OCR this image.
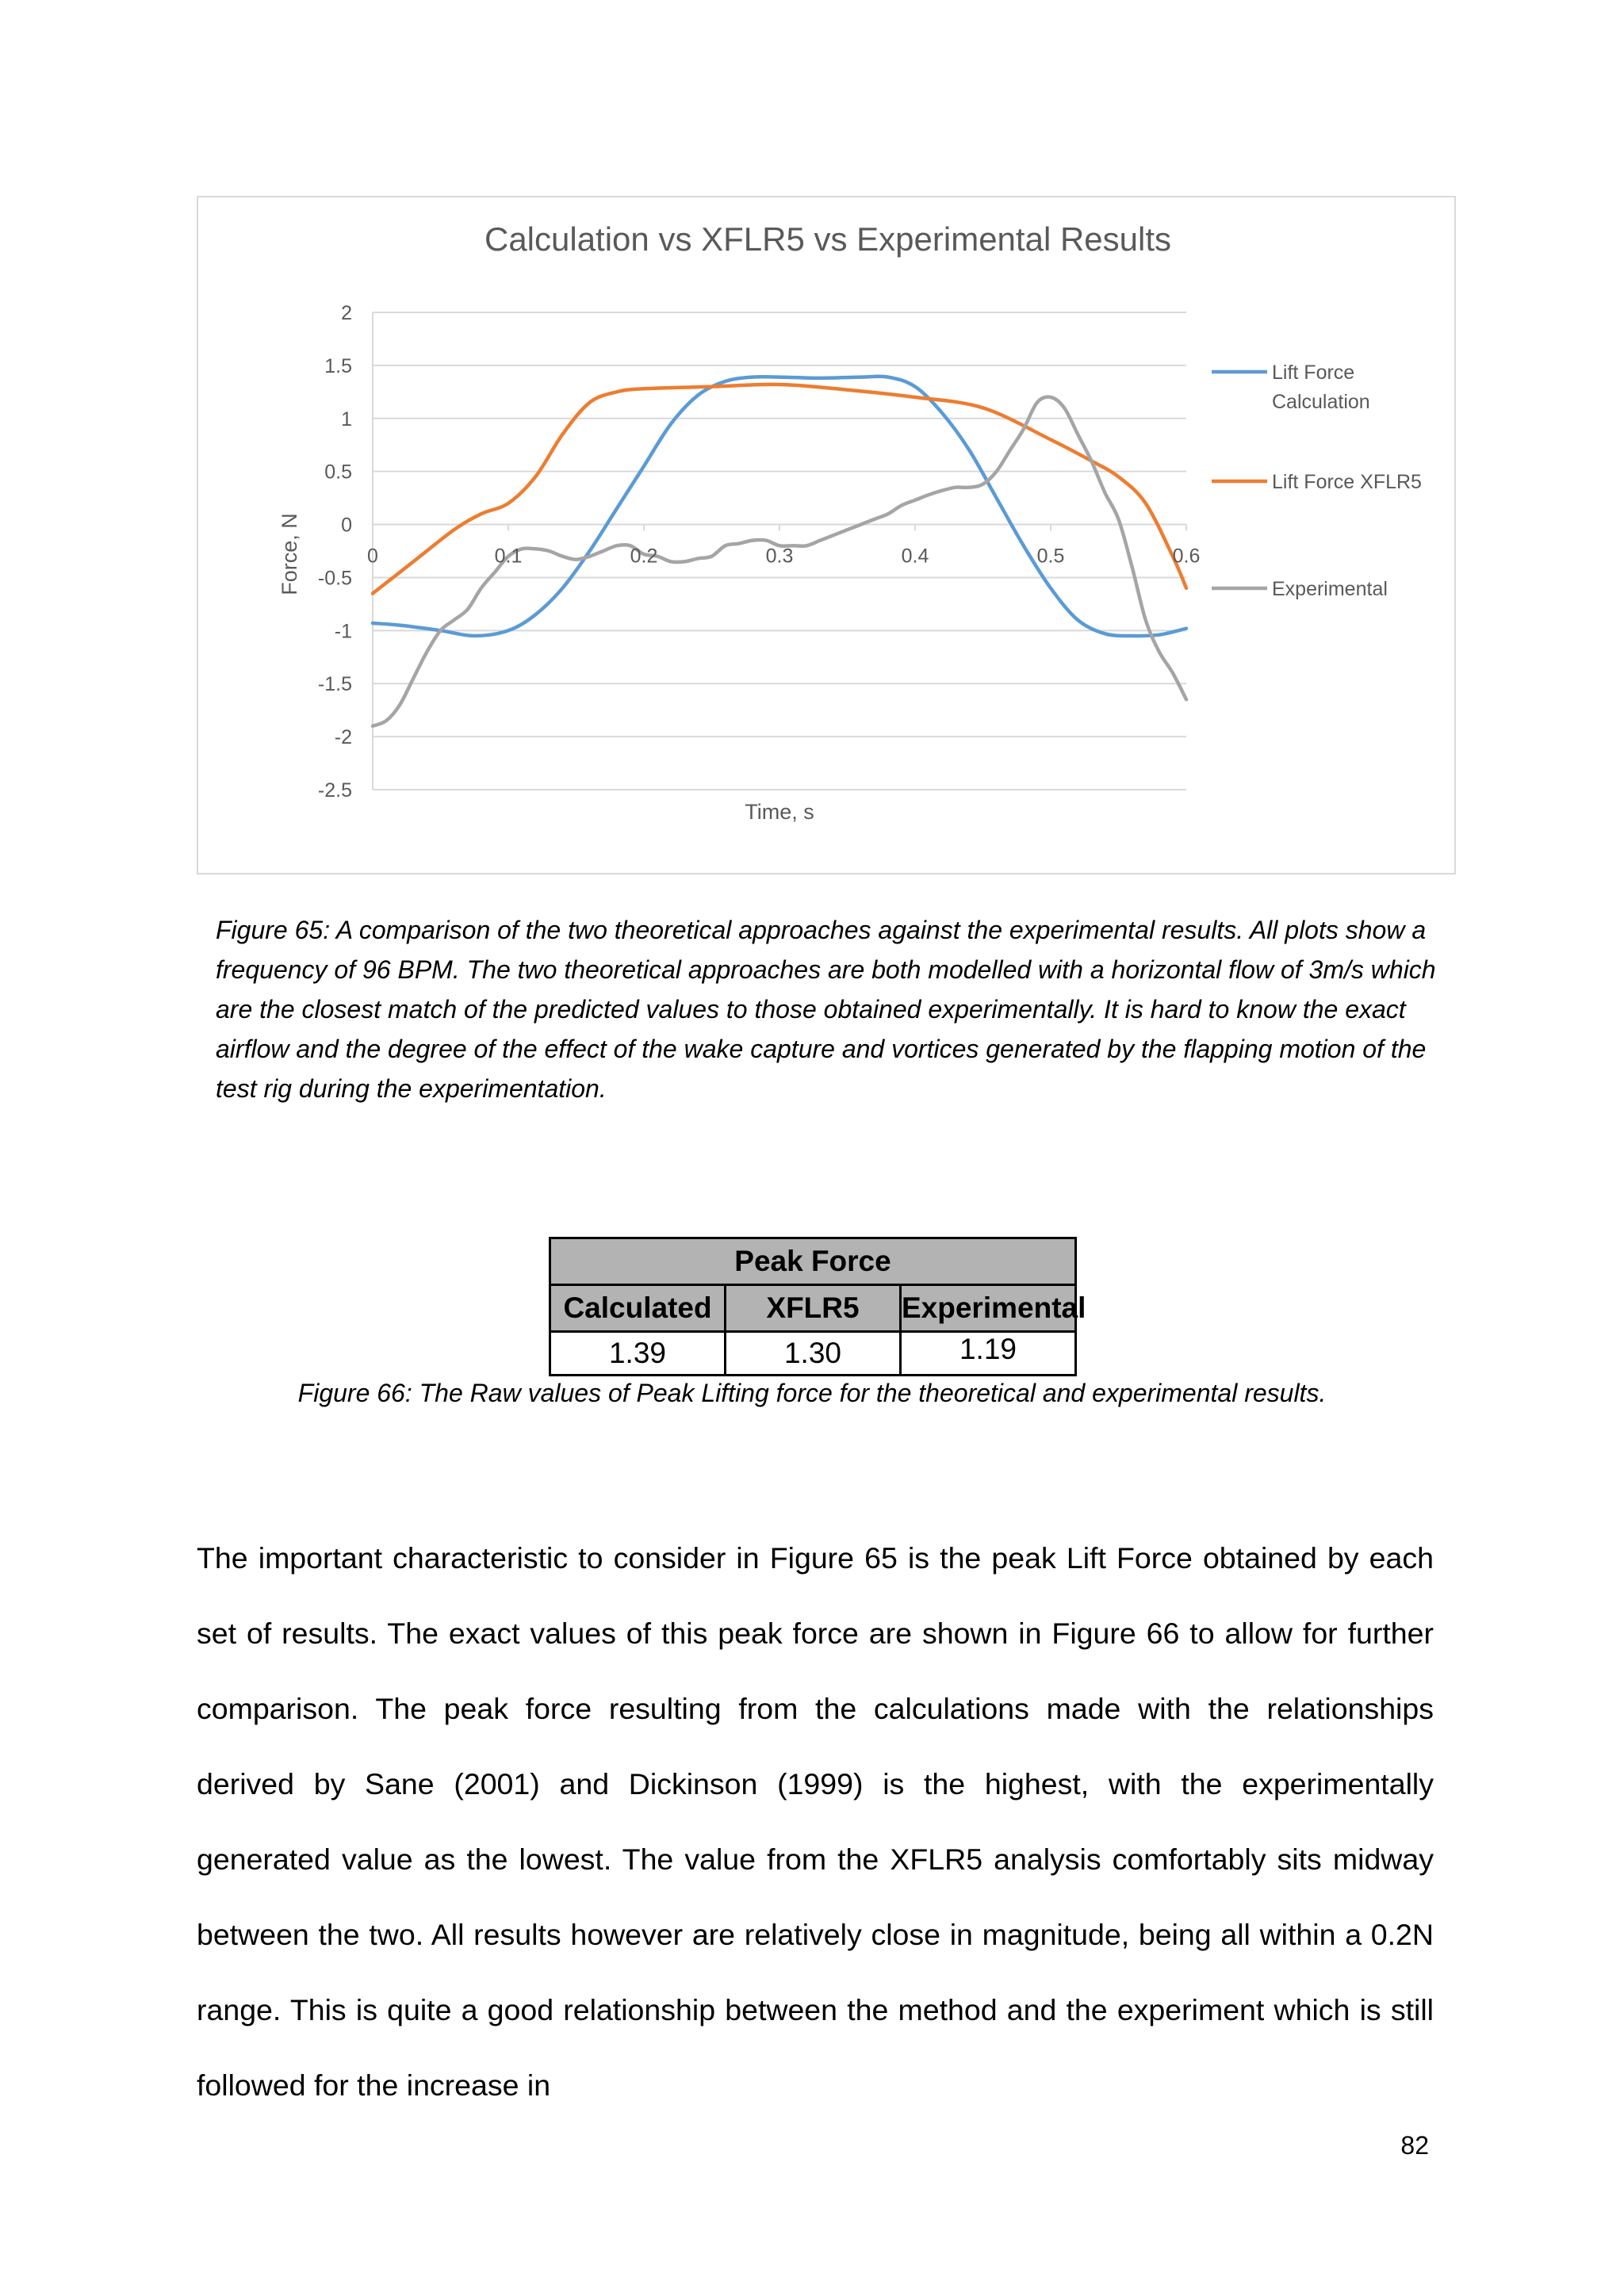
Calculation vs XFLR5 vs Experimental Results
0	0.1	0.2	0.3	0.4	0.5	0.6
2
1.5
1
0.5
0
-0.5
-1
-1.5
-2
-2.5
Lift Force Calculation
Lift Force XFLR5
Experimental
Time, s
Force, N

Figure 65: A comparison of the two theoretical approaches against the experimental results. All plots show a frequency of 96 BPM. The two theoretical approaches are both modelled with a horizontal flow of 3m/s which are the closest match of the predicted values to those obtained experimentally. It is hard to know the exact airflow and the degree of the effect of the wake capture and vortices generated by the flapping motion of the test rig during the experimentation.

Peak Force		
Calculated	XFLR5	Experimental
1.39	1.30	1.19

Figure 66: The Raw values of Peak Lifting force for the theoretical and experimental results.

The important characteristic to consider in Figure 65 is the peak Lift Force obtained by each set of results. The exact values of this peak force are shown in Figure 66 to allow for further comparison. The peak force resulting from the calculations made with the relationships derived by Sane (2001) and Dickinson (1999) is the highest, with the experimentally generated value as the lowest. The value from the XFLR5 analysis comfortably sits midway between the two. All results however are relatively close in magnitude, being all within a 0.2N range. This is quite a good relationship between the method and the experiment which is still followed for the increase in

82
